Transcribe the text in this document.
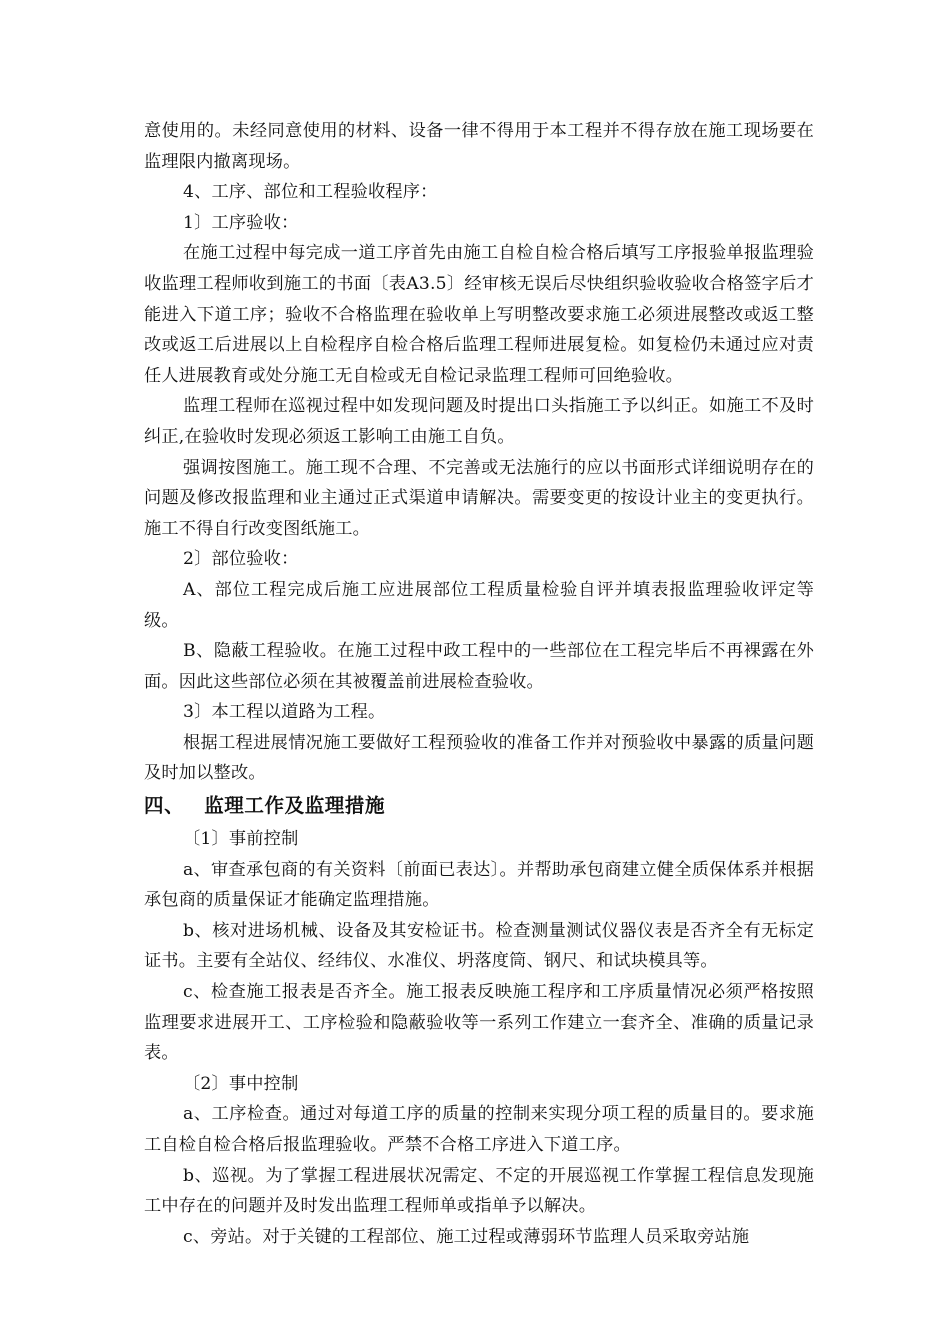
意使用的。未经同意使用的材料、设备一律不得用于本工程并不得存放在施工现场要在监理限内撤离现场。

4、工序、部位和工程验收程序：

1〕工序验收：

在施工过程中每完成一道工序首先由施工自检自检合格后填写工序报验单报监理验收监理工程师收到施工的书面〔表A3.5〕经审核无误后尽快组织验收验收合格签字后才能进入下道工序；验收不合格监理在验收单上写明整改要求施工必须进展整改或返工整改或返工后进展以上自检程序自检合格后监理工程师进展复检。如复检仍未通过应对责任人进展教育或处分施工无自检或无自检记录监理工程师可回绝验收。

监理工程师在巡视过程中如发现问题及时提出口头指施工予以纠正。如施工不及时纠正,在验收时发现必须返工影响工由施工自负。

强调按图施工。施工现不合理、不完善或无法施行的应以书面形式详细说明存在的问题及修改报监理和业主通过正式渠道申请解决。需要变更的按设计业主的变更执行。施工不得自行改变图纸施工。

2〕部位验收：

A、部位工程完成后施工应进展部位工程质量检验自评并填表报监理验收评定等级。

B、隐蔽工程验收。在施工过程中政工程中的一些部位在工程完毕后不再裸露在外面。因此这些部位必须在其被覆盖前进展检查验收。

3〕本工程以道路为工程。

根据工程进展情况施工要做好工程预验收的准备工作并对预验收中暴露的质量问题及时加以整改。

四、 监理工作及监理措施

〔1〕事前控制

a、审查承包商的有关资料〔前面已表达〕。并帮助承包商建立健全质保体系并根据承包商的质量保证才能确定监理措施。

b、核对进场机械、设备及其安检证书。检查测量测试仪器仪表是否齐全有无标定证书。主要有全站仪、经纬仪、水准仪、坍落度筒、钢尺、和试块模具等。

c、检查施工报表是否齐全。施工报表反映施工程序和工序质量情况必须严格按照监理要求进展开工、工序检验和隐蔽验收等一系列工作建立一套齐全、准确的质量记录表。

〔2〕事中控制

a、工序检查。通过对每道工序的质量的控制来实现分项工程的质量目的。要求施工自检自检合格后报监理验收。严禁不合格工序进入下道工序。

b、巡视。为了掌握工程进展状况需定、不定的开展巡视工作掌握工程信息发现施工中存在的问题并及时发出监理工程师单或指单予以解决。

c、旁站。对于关键的工程部位、施工过程或薄弱环节监理人员采取旁站施
